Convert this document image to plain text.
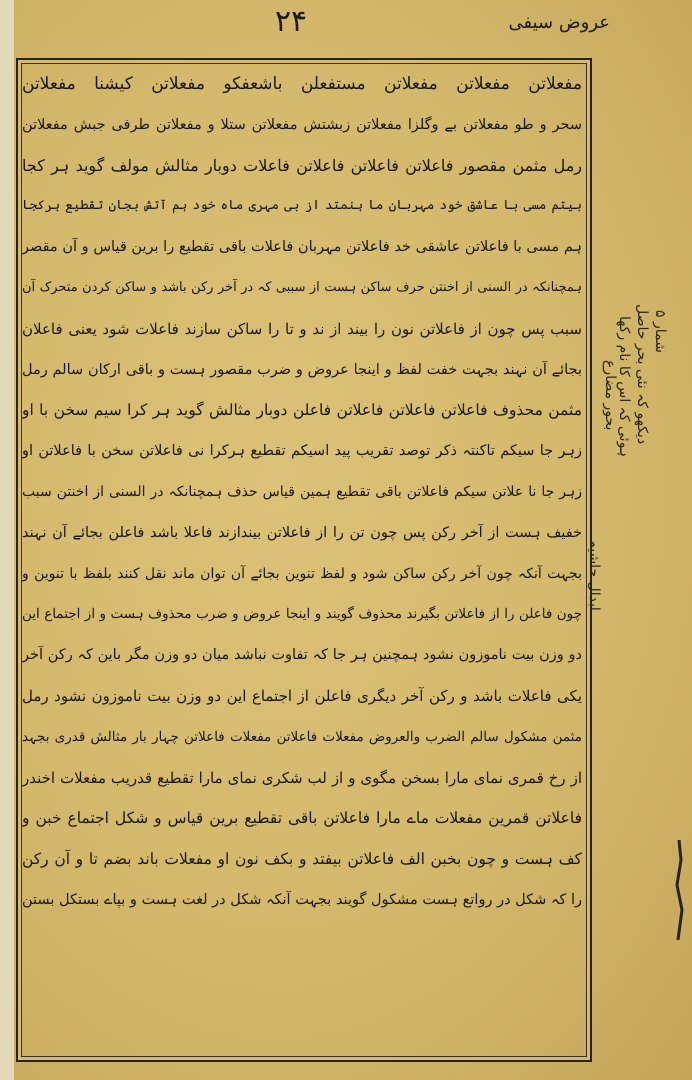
۲۴	عروض سیفی
مفعلاتن مفعلاتن مفعلاتن مستفعلن باشعفکو مفعلاتن کیشنا مفعلاتن
سحر و طو مفعلاتن بے وگلزا مفعلاتن زبشتش مفعلاتن ستلا و مفعلاتن طرفی جبش مفعلاتن
رمل مثمن مقصور فاعلاتن فاعلاتن فاعلاتن فاعلات دوبار مثالش مولف گوید ہر کجا
بیتم مسی با عاشق خود مہربان ما ہنمتد از بی مہری ماہ خود ہم آتش بجان تقطیع ہرکجا
ہم مسی با فاعلاتن عاشقی خد فاعلاتن مہربان فاعلات باقی تقطیع را برین قیاس و آن مقصر
ہمچنانکہ در السنی از اخنتن حرف ساکن ہست از سببی کہ در آخر رکن باشد و ساکن کردن متحرک آن
سبب پس چون از فاعلاتن نون را بیند از ند و تا را ساکن سازند فاعلات شود یعنی فاعلان
بجائے آن نہند بجہت خفت لفظ و اینجا عروض و ضرب مقصور ہست و باقی ارکان سالم رمل
مثمن محذوف فاعلاتن فاعلاتن فاعلاتن فاعلن دوبار مثالش گوید ہر کرا سیم سخن با او
زہر جا سیکم تاکنتہ ذکر توصد تقریب پید اسیکم تقطیع ہرکرا نی فاعلاتن سخن با فاعلاتن او
زہر جا نا علاتن سیکم فاعلاتن باقی تقطیع ہمین قیاس حذف ہمچنانکہ در السنی از اخنتن سبب
خفیف ہست از آخر رکن پس چون تن را از فاعلاتن بیندازند فاعلا باشد فاعلن بجائے آن نہند
بجہت آنکہ چون آخر رکن ساکن شود و لفظ تنوین بجائے آن توان ماند نقل کنند بلفظ با تنوین و
چون فاعلن را از فاعلاتن بگیرند محذوف گویند و اینجا عروض و ضرب محذوف ہست و از اجتماع این
دو وزن بیت ناموزون نشود ہمچنین ہر جا کہ تفاوت نباشد میان دو وزن مگر باین کہ رکن آخر
یکی فاعلات باشد و رکن آخر دیگری فاعلن از اجتماع این دو وزن بیت ناموزون نشود رمل
مثمن مشکول سالم الضرب والعروض مفعلات فاعلاتن مفعلات فاعلاتن چہار بار مثالش قدری بجہد
از رخ قمری نمای مارا بسخن مگوی و از لب شکری نمای مارا تقطیع قدریب مفعلات اخندر
فاعلاتن قمرین مفعلات ماے مارا فاعلاتن باقی تقطیع برین قیاس و شکل اجتماع خبن و
کف ہست و چون بخبن الف فاعلاتن بیفتد و بکف نون او مفعلات باند بضم تا و آن رکن
را کہ شکل در رواتع ہست مشکول گویند بجہت آنکہ شکل در لغت ہست و بپاے بستکل بستن
شمار ۵
دیکھو کہ نئی بحر حاصل
ہوئی کہ اس کا نام رکھا
بحور مضارع
ابدال حاشیہ
